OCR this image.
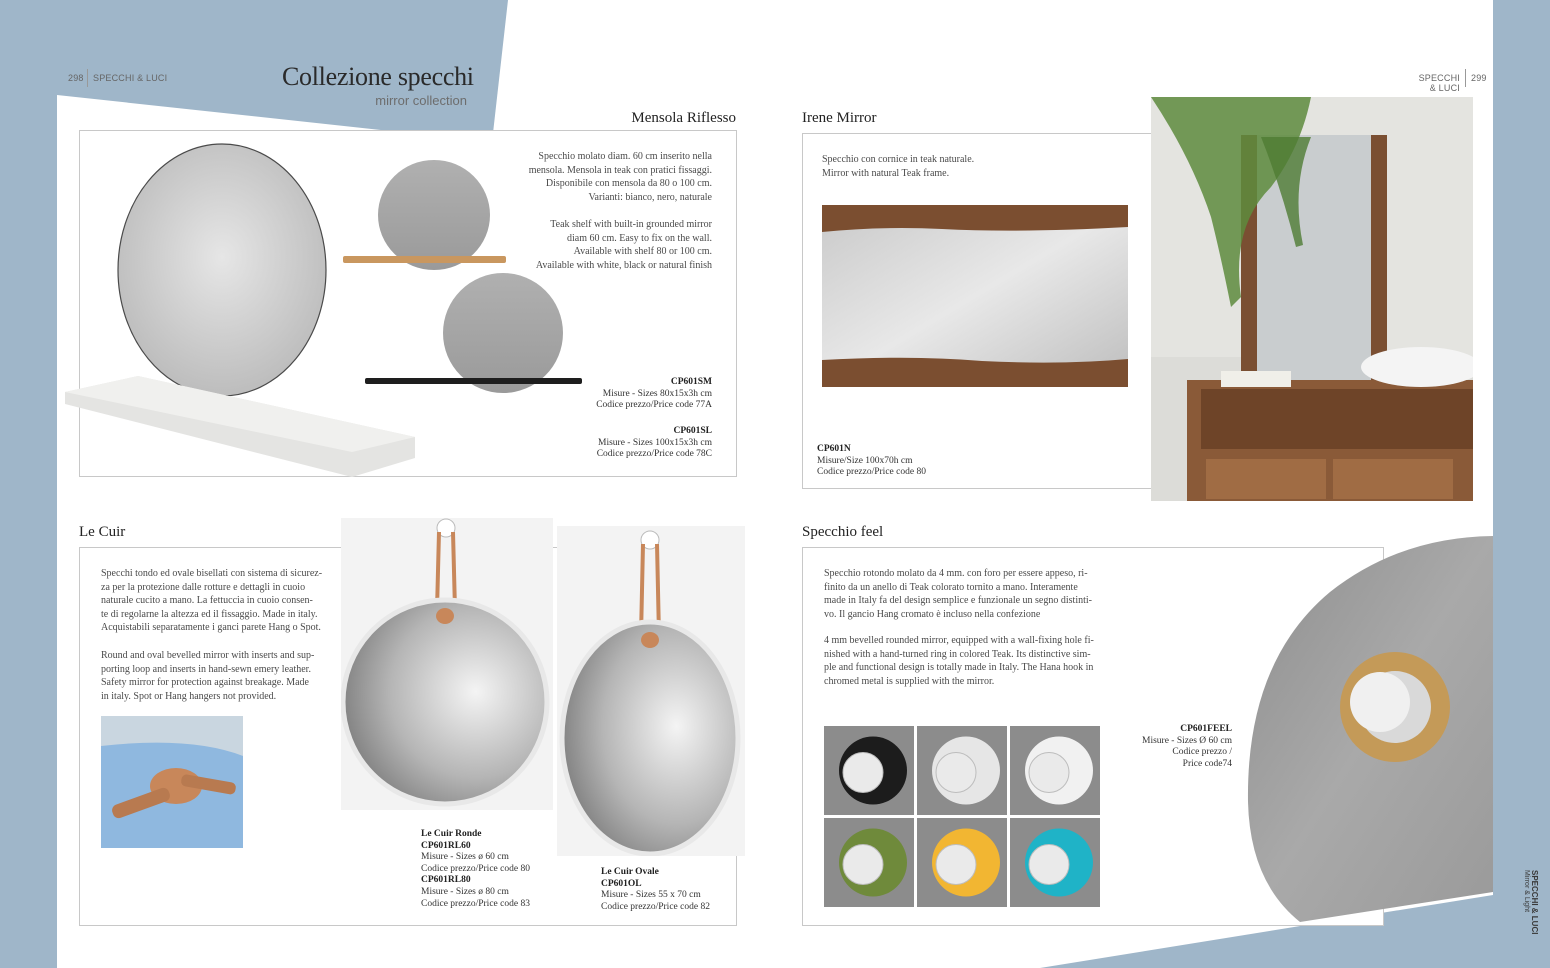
298 SPECCHI & LUCI	Collezione specchi
mirror collection
SPECCHI & LUCI
299
Mensola Riflesso
Specchio molato diam. 60 cm inserito nella
mensola. Mensola in teak con pratici fissaggi.
Disponibile con mensola da 80 o 100 cm.
Varianti: bianco, nero, naturale
Teak shelf with built-in grounded mirror
diam 60 cm. Easy to fix on the wall.
Available with shelf 80 or 100 cm.
Available with white, black or natural finish
CP601SM
Misure - Sizes 80x15x3h cm
Codice prezzo/Price code 77A
CP601SL
Misure - Sizes 100x15x3h cm
Codice prezzo/Price code 78C
Irene Mirror
Specchio con cornice in teak naturale.
Mirror with natural Teak frame.
CP601N
Misure/Size 100x70h cm
Codice prezzo/Price code 80
Le Cuir
Specchi tondo ed ovale bisellati con sistema di sicurez-
za per la protezione dalle rotture e dettagli in cuoio
naturale cucito a mano. La fettuccia in cuoio consen-
te di regolarne la altezza ed il fissaggio. Made in italy.
Acquistabili separatamente i ganci parete Hang o Spot.
Round and oval bevelled mirror with inserts and sup-
porting loop and inserts in hand-sewn emery leather.
Safety mirror for protection against breakage. Made
in italy. Spot or Hang hangers not provided.
Le Cuir Ronde
CP601RL60
Misure - Sizes ø 60 cm
Codice prezzo/Price code 80
CP601RL80
Misure - Sizes ø 80 cm
Codice prezzo/Price code 83
Le Cuir Ovale
CP601OL
Misure - Sizes 55 x 70 cm
Codice prezzo/Price code 82
Specchio feel
Specchio rotondo molato da 4 mm. con foro per essere appeso, ri-
finito da un anello di Teak colorato tornito a mano. Interamente
made in Italy fa del design semplice e funzionale un segno distinti-
vo. Il gancio Hang cromato è incluso nella confezione
4 mm bevelled rounded mirror, equipped with a wall-fixing hole fi-
nished with a hand-turned ring in colored Teak. Its distinctive sim-
ple and functional design is totally made in Italy. The Hana hook in
chromed metal is supplied with the mirror.
CP601FEEL
Misure - Sizes Ø 60 cm
Codice prezzo /
Price code74
SPECCHI & LUCI
Mirror & Light
